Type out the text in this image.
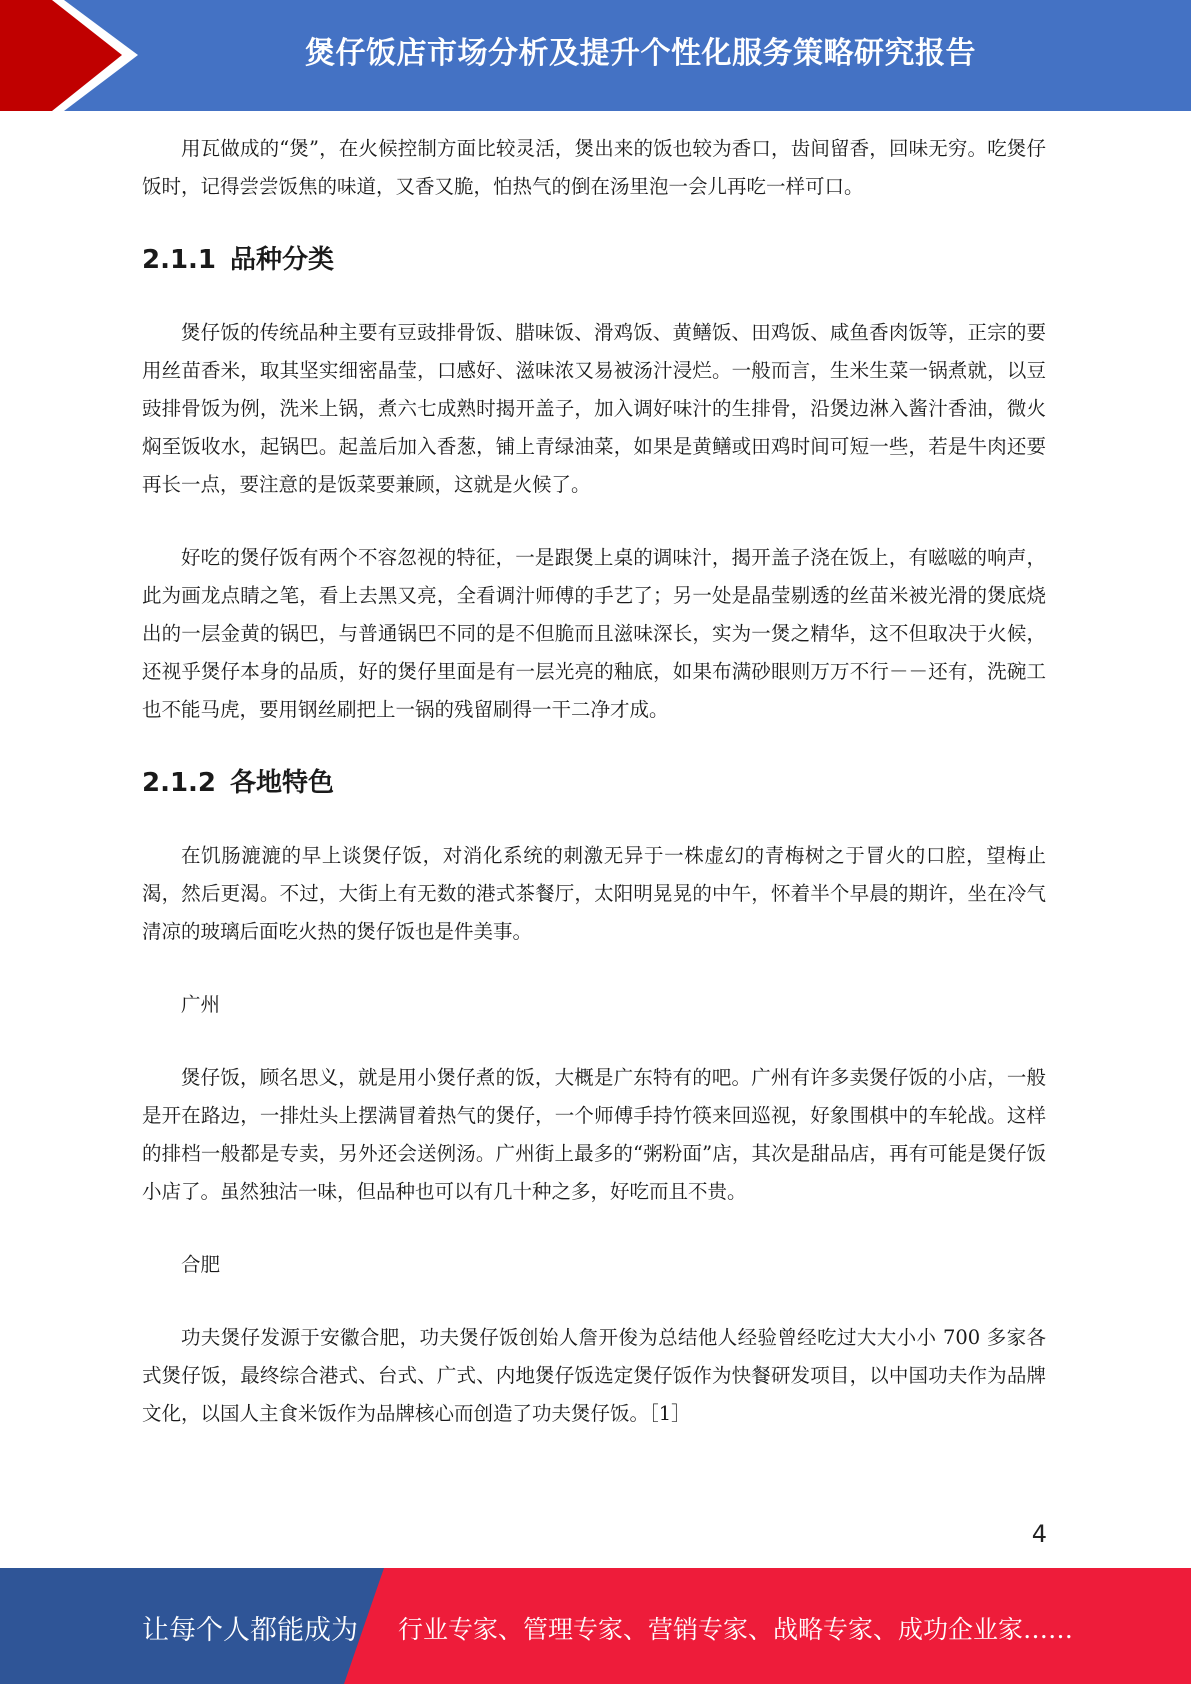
煲仔饭店市场分析及提升个性化服务策略研究报告

用瓦做成的“煲”，在火候控制方面比较灵活，煲出来的饭也较为香口，齿间留香，回味无穷。吃煲仔饭时，记得尝尝饭焦的味道，又香又脆，怕热气的倒在汤里泡一会儿再吃一样可口。

2.1.1 品种分类

煲仔饭的传统品种主要有豆豉排骨饭、腊味饭、滑鸡饭、黄鳝饭、田鸡饭、咸鱼香肉饭等，正宗的要用丝苗香米，取其坚实细密晶莹，口感好、滋味浓又易被汤汁浸烂。一般而言，生米生菜一锅煮就，以豆豉排骨饭为例，洗米上锅，煮六七成熟时揭开盖子，加入调好味汁的生排骨，沿煲边淋入酱汁香油，微火焖至饭收水，起锅巴。起盖后加入香葱，铺上青绿油菜，如果是黄鳝或田鸡时间可短一些，若是牛肉还要再长一点，要注意的是饭菜要兼顾，这就是火候了。

好吃的煲仔饭有两个不容忽视的特征，一是跟煲上桌的调味汁，揭开盖子浇在饭上，有嗞嗞的响声，此为画龙点睛之笔，看上去黑又亮，全看调汁师傅的手艺了；另一处是晶莹剔透的丝苗米被光滑的煲底烧出的一层金黄的锅巴，与普通锅巴不同的是不但脆而且滋味深长，实为一煲之精华，这不但取决于火候，还视乎煲仔本身的品质，好的煲仔里面是有一层光亮的釉底，如果布满砂眼则万万不行－－还有，洗碗工也不能马虎，要用钢丝刷把上一锅的残留刷得一干二净才成。

2.1.2 各地特色

在饥肠漉漉的早上谈煲仔饭，对消化系统的刺激无异于一株虚幻的青梅树之于冒火的口腔，望梅止渴，然后更渴。不过，大街上有无数的港式茶餐厅，太阳明晃晃的中午，怀着半个早晨的期许，坐在冷气清凉的玻璃后面吃火热的煲仔饭也是件美事。

广州

煲仔饭，顾名思义，就是用小煲仔煮的饭，大概是广东特有的吧。广州有许多卖煲仔饭的小店，一般是开在路边，一排灶头上摆满冒着热气的煲仔，一个师傅手持竹筷来回巡视，好象围棋中的车轮战。这样的排档一般都是专卖，另外还会送例汤。广州街上最多的“粥粉面”店，其次是甜品店，再有可能是煲仔饭小店了。虽然独沽一味，但品种也可以有几十种之多，好吃而且不贵。

合肥

功夫煲仔发源于安徽合肥，功夫煲仔饭创始人詹开俊为总结他人经验曾经吃过大大小小 700 多家各式煲仔饭，最终综合港式、台式、广式、内地煲仔饭选定煲仔饭作为快餐研发项目，以中国功夫作为品牌文化，以国人主食米饭作为品牌核心而创造了功夫煲仔饭。［1］

4
让每个人都能成为 行业专家、管理专家、营销专家、战略专家、成功企业家……
